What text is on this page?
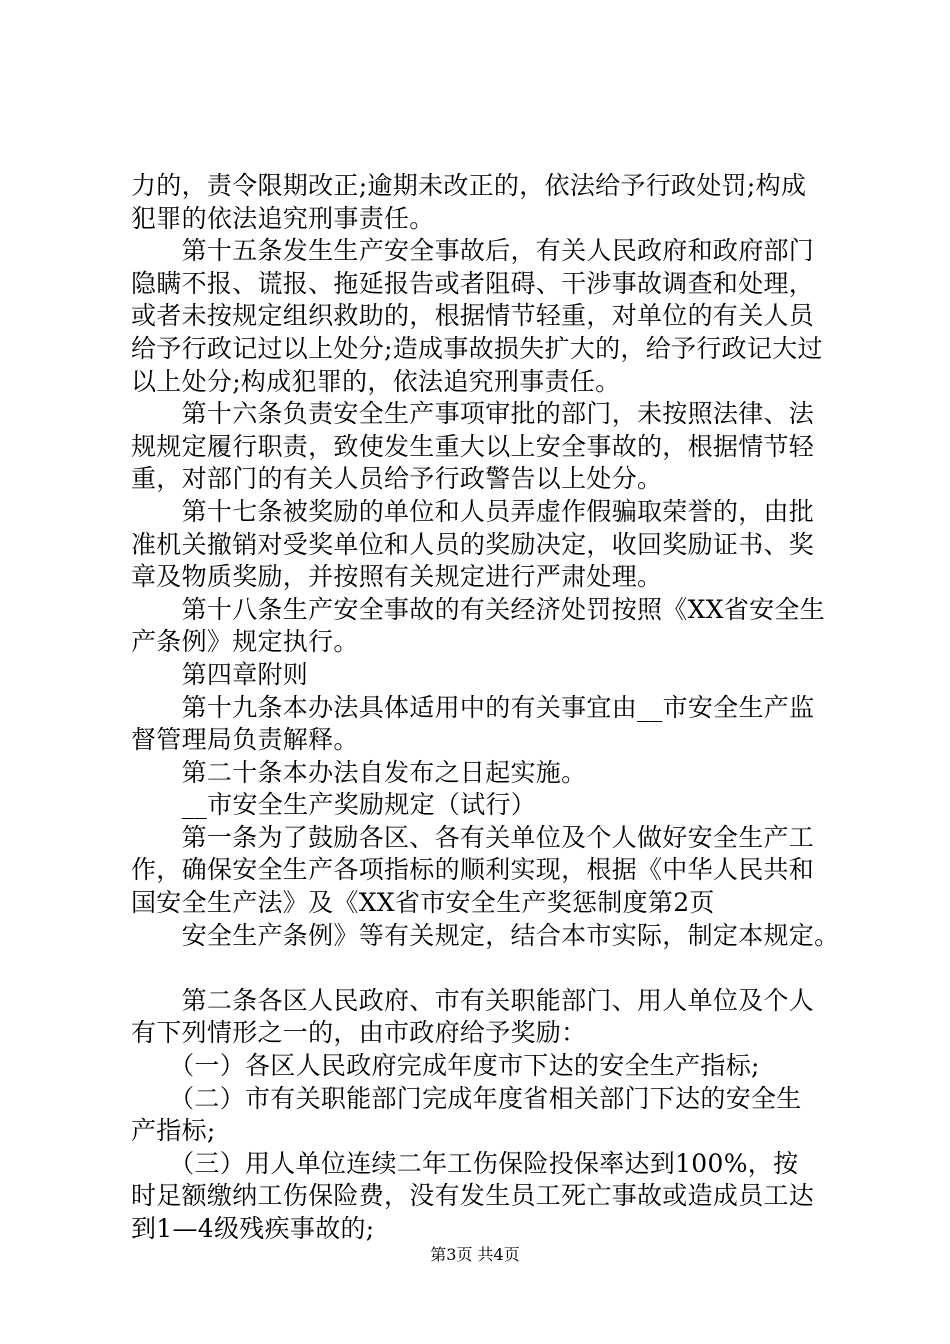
力的，责令限期改正;逾期未改正的，依法给予行政处罚;构成
犯罪的依法追究刑事责任。
　　第十五条发生生产安全事故后，有关人民政府和政府部门
隐瞒不报、谎报、拖延报告或者阻碍、干涉事故调查和处理，
或者未按规定组织救助的，根据情节轻重，对单位的有关人员
给予行政记过以上处分;造成事故损失扩大的，给予行政记大过
以上处分;构成犯罪的，依法追究刑事责任。
　　第十六条负责安全生产事项审批的部门，未按照法律、法
规规定履行职责，致使发生重大以上安全事故的，根据情节轻
重，对部门的有关人员给予行政警告以上处分。
　　第十七条被奖励的单位和人员弄虚作假骗取荣誉的，由批
准机关撤销对受奖单位和人员的奖励决定，收回奖励证书、奖
章及物质奖励，并按照有关规定进行严肃处理。
　　第十八条生产安全事故的有关经济处罚按照《XX省安全生
产条例》规定执行。
　　第四章附则
　　第十九条本办法具体适用中的有关事宜由__市安全生产监
督管理局负责解释。
　　第二十条本办法自发布之日起实施。
　　__市安全生产奖励规定（试行）
　　第一条为了鼓励各区、各有关单位及个人做好安全生产工
作，确保安全生产各项指标的顺利实现，根据《中华人民共和
国安全生产法》及《XX省市安全生产奖惩制度第2页
　　安全生产条例》等有关规定，结合本市实际，制定本规定。
　　第二条各区人民政府、市有关职能部门、用人单位及个人
有下列情形之一的，由市政府给予奖励：
　　（一）各区人民政府完成年度市下达的安全生产指标;
　　（二）市有关职能部门完成年度省相关部门下达的安全生
产指标;
　　（三）用人单位连续二年工伤保险投保率达到100%，按
时足额缴纳工伤保险费，没有发生员工死亡事故或造成员工达
到1—4级残疾事故的;
第3页 共4页
